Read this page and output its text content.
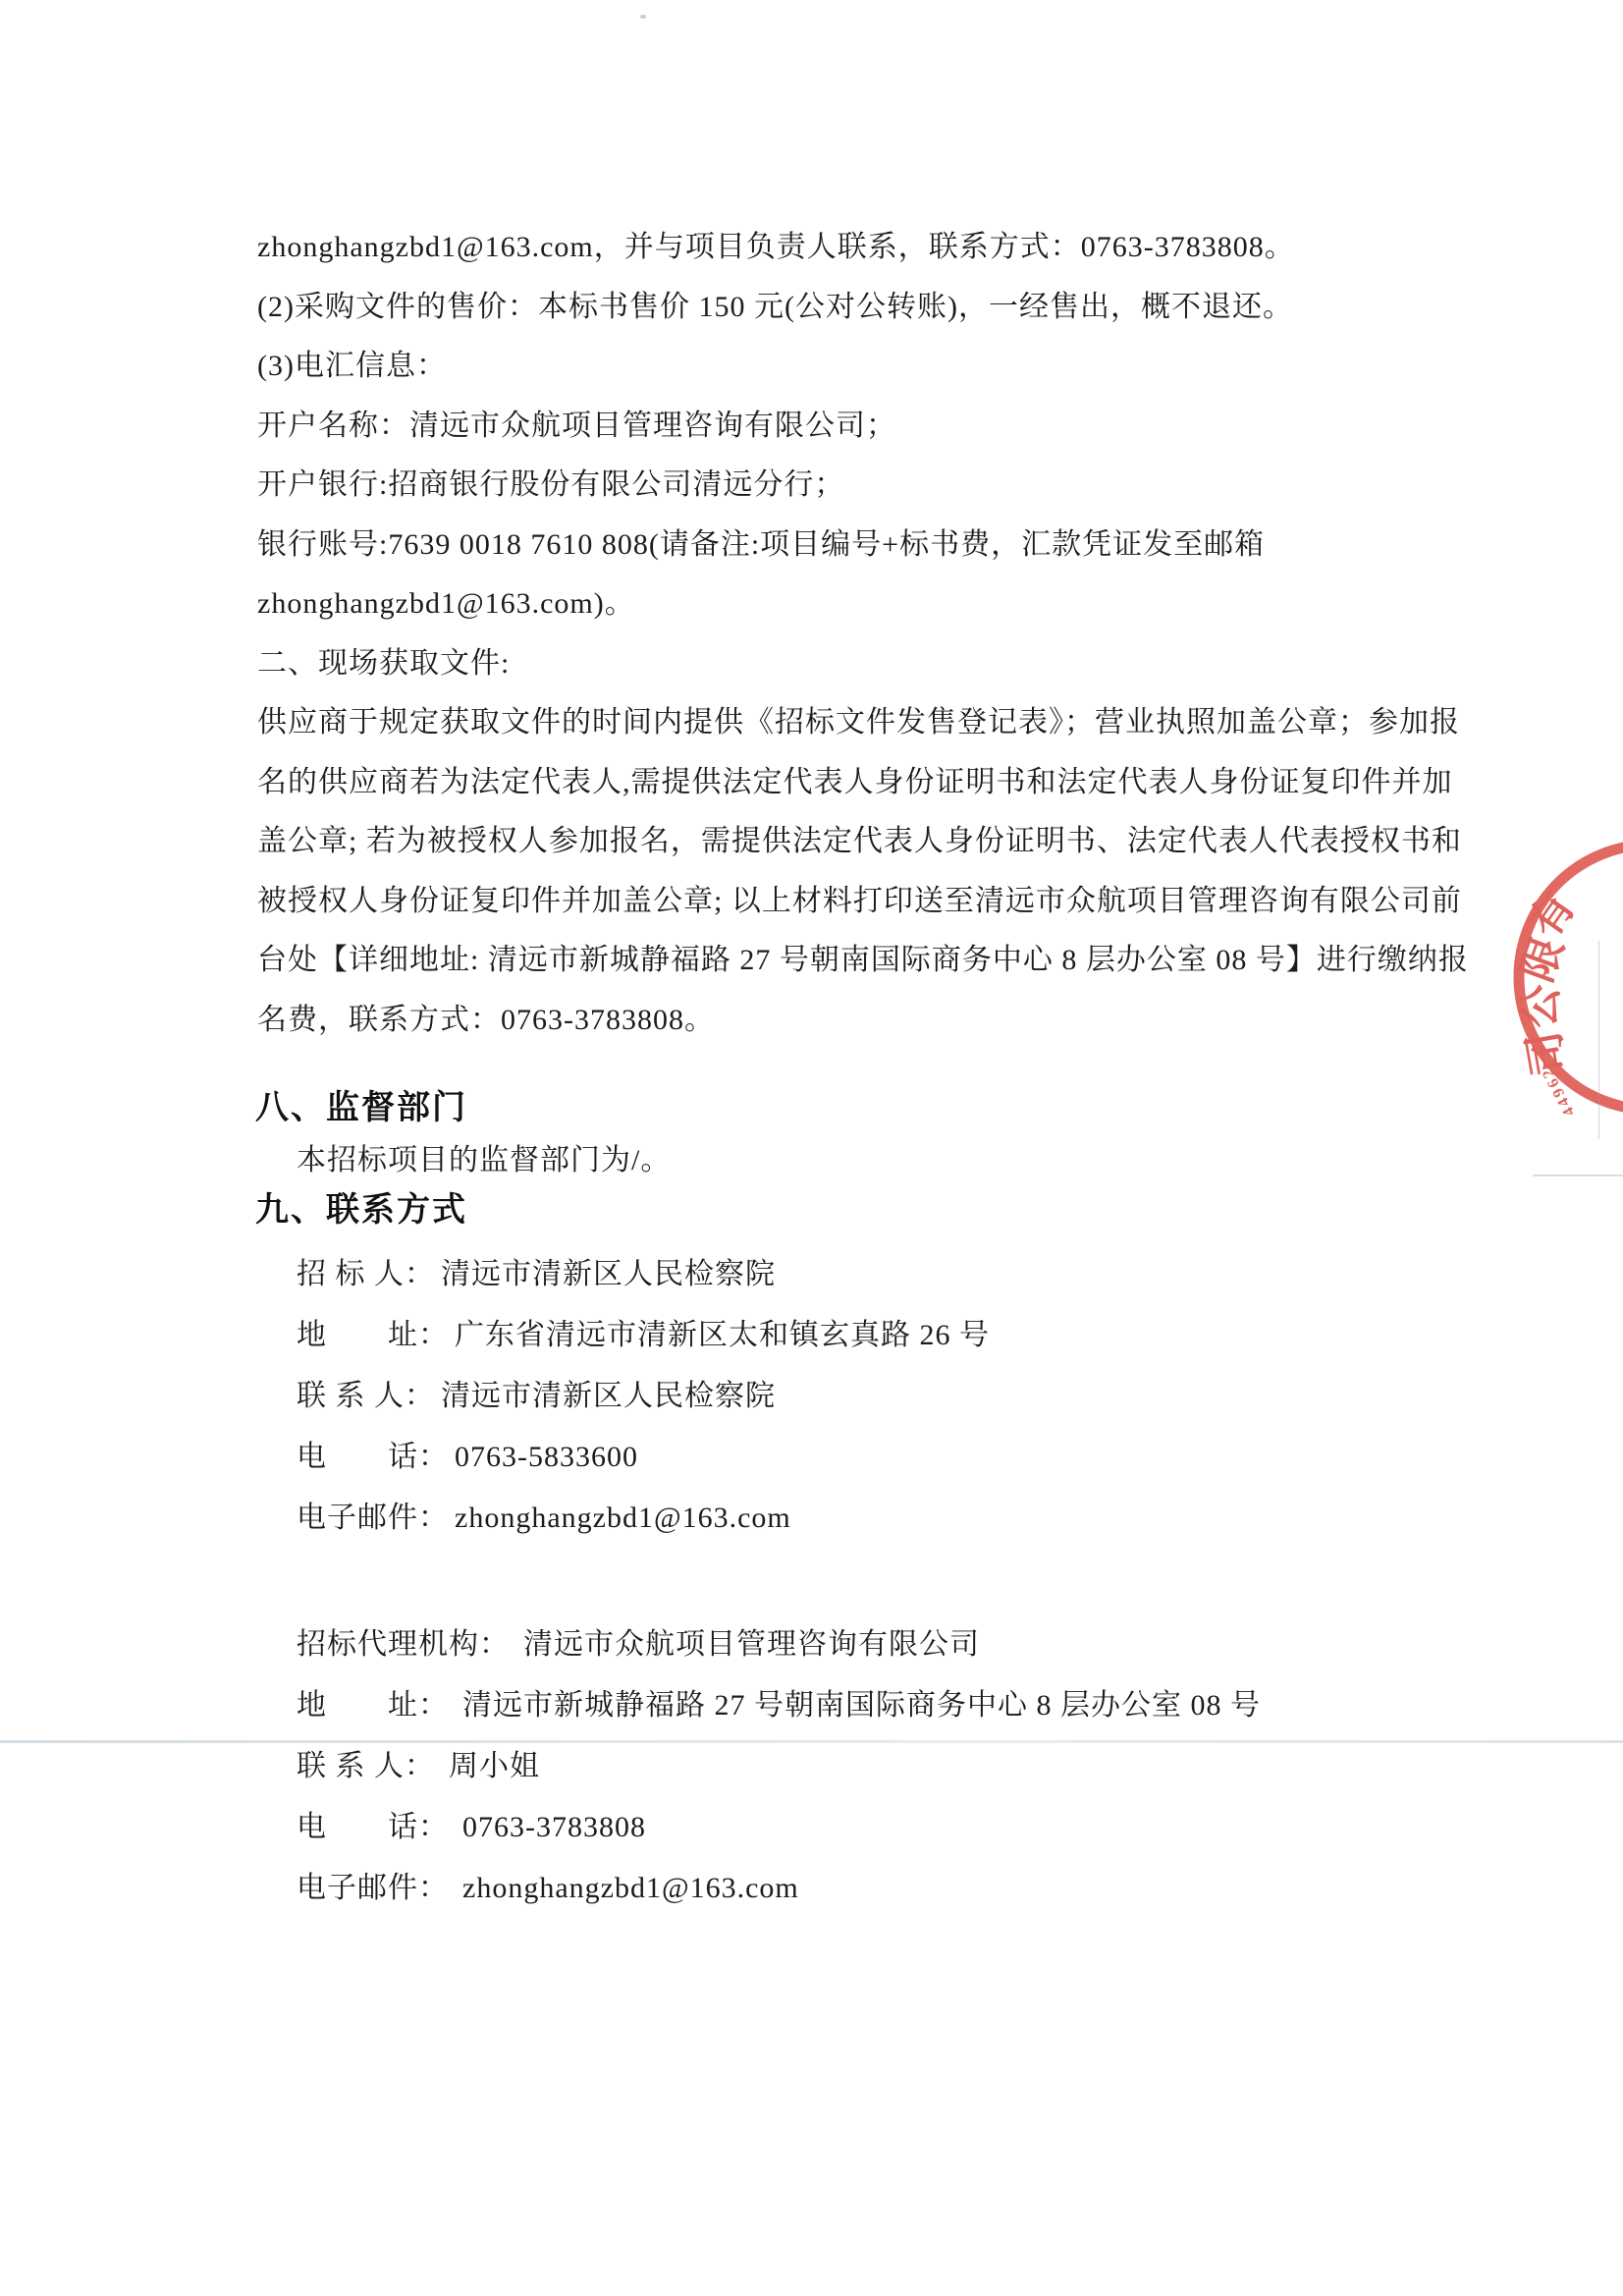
zhonghangzbd1@163.com，并与项目负责人联系，联系方式：0763-3783808。
(2)采购文件的售价：本标书售价 150 元(公对公转账)，一经售出，概不退还。
(3)电汇信息：
开户名称：清远市众航项目管理咨询有限公司；
开户银行:招商银行股份有限公司清远分行；
银行账号:7639 0018 7610 808(请备注:项目编号+标书费，汇款凭证发至邮箱
zhonghangzbd1@163.com)。
二、现场获取文件:
供应商于规定获取文件的时间内提供《招标文件发售登记表》；营业执照加盖公章；参加报
名的供应商若为法定代表人,需提供法定代表人身份证明书和法定代表人身份证复印件并加
盖公章; 若为被授权人参加报名，需提供法定代表人身份证明书、法定代表人代表授权书和
被授权人身份证复印件并加盖公章; 以上材料打印送至清远市众航项目管理咨询有限公司前
台处【详细地址: 清远市新城静福路 27 号朝南国际商务中心 8 层办公室 08 号】进行缴纳报
名费，联系方式：0763-3783808。
八、监督部门
本招标项目的监督部门为/。
九、联系方式
招 标 人： 清远市清新区人民检察院
地　　址： 广东省清远市清新区太和镇玄真路 26 号
联 系 人： 清远市清新区人民检察院
电　　话： 0763-5833600
电子邮件： zhonghangzbd1@163.com
招标代理机构： 清远市众航项目管理咨询有限公司
地　　址： 清远市新城静福路 27 号朝南国际商务中心 8 层办公室 08 号
联 系 人： 周小姐
电　　话： 0763-3783808
电子邮件： zhonghangzbd1@163.com
有
限
公
司
44962
